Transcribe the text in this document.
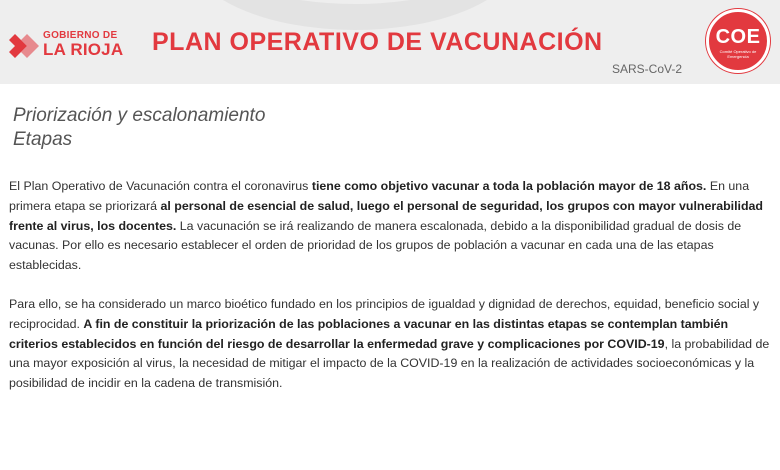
GOBIERNO DE
LA RIOJA PLAN OPERATIVO DE VACUNACIÓN
SARS-CoV-2
COE
Comité Operativo de Emergencia
Priorización y escalonamiento
Etapas

El Plan Operativo de Vacunación contra el coronavirus tiene como objetivo vacunar a toda la población mayor de 18 años. En una primera etapa se priorizará al personal de esencial de salud, luego el personal de seguridad, los grupos con mayor vulnerabilidad frente al virus, los docentes. La vacunación se irá realizando de manera escalonada, debido a la disponibilidad gradual de dosis de vacunas. Por ello es necesario establecer el orden de prioridad de los grupos de población a vacunar en cada una de las etapas establecidas.

Para ello, se ha considerado un marco bioético fundado en los principios de igualdad y dignidad de derechos, equidad, beneficio social y reciprocidad. A fin de constituir la priorización de las poblaciones a vacunar en las distintas etapas se contemplan también criterios establecidos en función del riesgo de desarrollar la enfermedad grave y complicaciones por COVID-19, la probabilidad de una mayor exposición al virus, la necesidad de mitigar el impacto de la COVID-19 en la realización de actividades socioeconómicas y la posibilidad de incidir en la cadena de transmisión.
